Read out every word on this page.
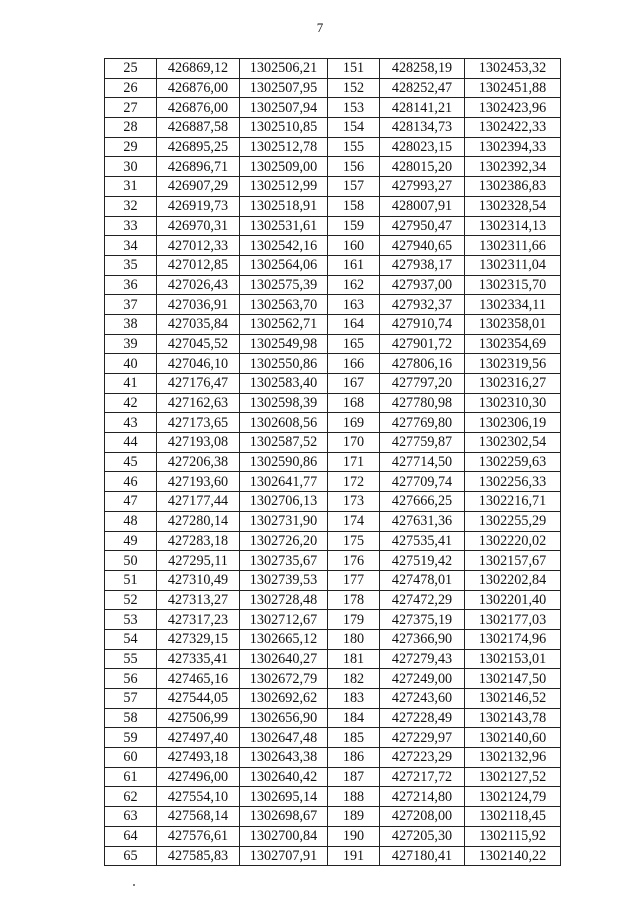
7
25	426869,12	1302506,21	151	428258,19	1302453,32
26	426876,00	1302507,95	152	428252,47	1302451,88
27	426876,00	1302507,94	153	428141,21	1302423,96
28	426887,58	1302510,85	154	428134,73	1302422,33
29	426895,25	1302512,78	155	428023,15	1302394,33
30	426896,71	1302509,00	156	428015,20	1302392,34
31	426907,29	1302512,99	157	427993,27	1302386,83
32	426919,73	1302518,91	158	428007,91	1302328,54
33	426970,31	1302531,61	159	427950,47	1302314,13
34	427012,33	1302542,16	160	427940,65	1302311,66
35	427012,85	1302564,06	161	427938,17	1302311,04
36	427026,43	1302575,39	162	427937,00	1302315,70
37	427036,91	1302563,70	163	427932,37	1302334,11
38	427035,84	1302562,71	164	427910,74	1302358,01
39	427045,52	1302549,98	165	427901,72	1302354,69
40	427046,10	1302550,86	166	427806,16	1302319,56
41	427176,47	1302583,40	167	427797,20	1302316,27
42	427162,63	1302598,39	168	427780,98	1302310,30
43	427173,65	1302608,56	169	427769,80	1302306,19
44	427193,08	1302587,52	170	427759,87	1302302,54
45	427206,38	1302590,86	171	427714,50	1302259,63
46	427193,60	1302641,77	172	427709,74	1302256,33
47	427177,44	1302706,13	173	427666,25	1302216,71
48	427280,14	1302731,90	174	427631,36	1302255,29
49	427283,18	1302726,20	175	427535,41	1302220,02
50	427295,11	1302735,67	176	427519,42	1302157,67
51	427310,49	1302739,53	177	427478,01	1302202,84
52	427313,27	1302728,48	178	427472,29	1302201,40
53	427317,23	1302712,67	179	427375,19	1302177,03
54	427329,15	1302665,12	180	427366,90	1302174,96
55	427335,41	1302640,27	181	427279,43	1302153,01
56	427465,16	1302672,79	182	427249,00	1302147,50
57	427544,05	1302692,62	183	427243,60	1302146,52
58	427506,99	1302656,90	184	427228,49	1302143,78
59	427497,40	1302647,48	185	427229,97	1302140,60
60	427493,18	1302643,38	186	427223,29	1302132,96
61	427496,00	1302640,42	187	427217,72	1302127,52
62	427554,10	1302695,14	188	427214,80	1302124,79
63	427568,14	1302698,67	189	427208,00	1302118,45
64	427576,61	1302700,84	190	427205,30	1302115,92
65	427585,83	1302707,91	191	427180,41	1302140,22
